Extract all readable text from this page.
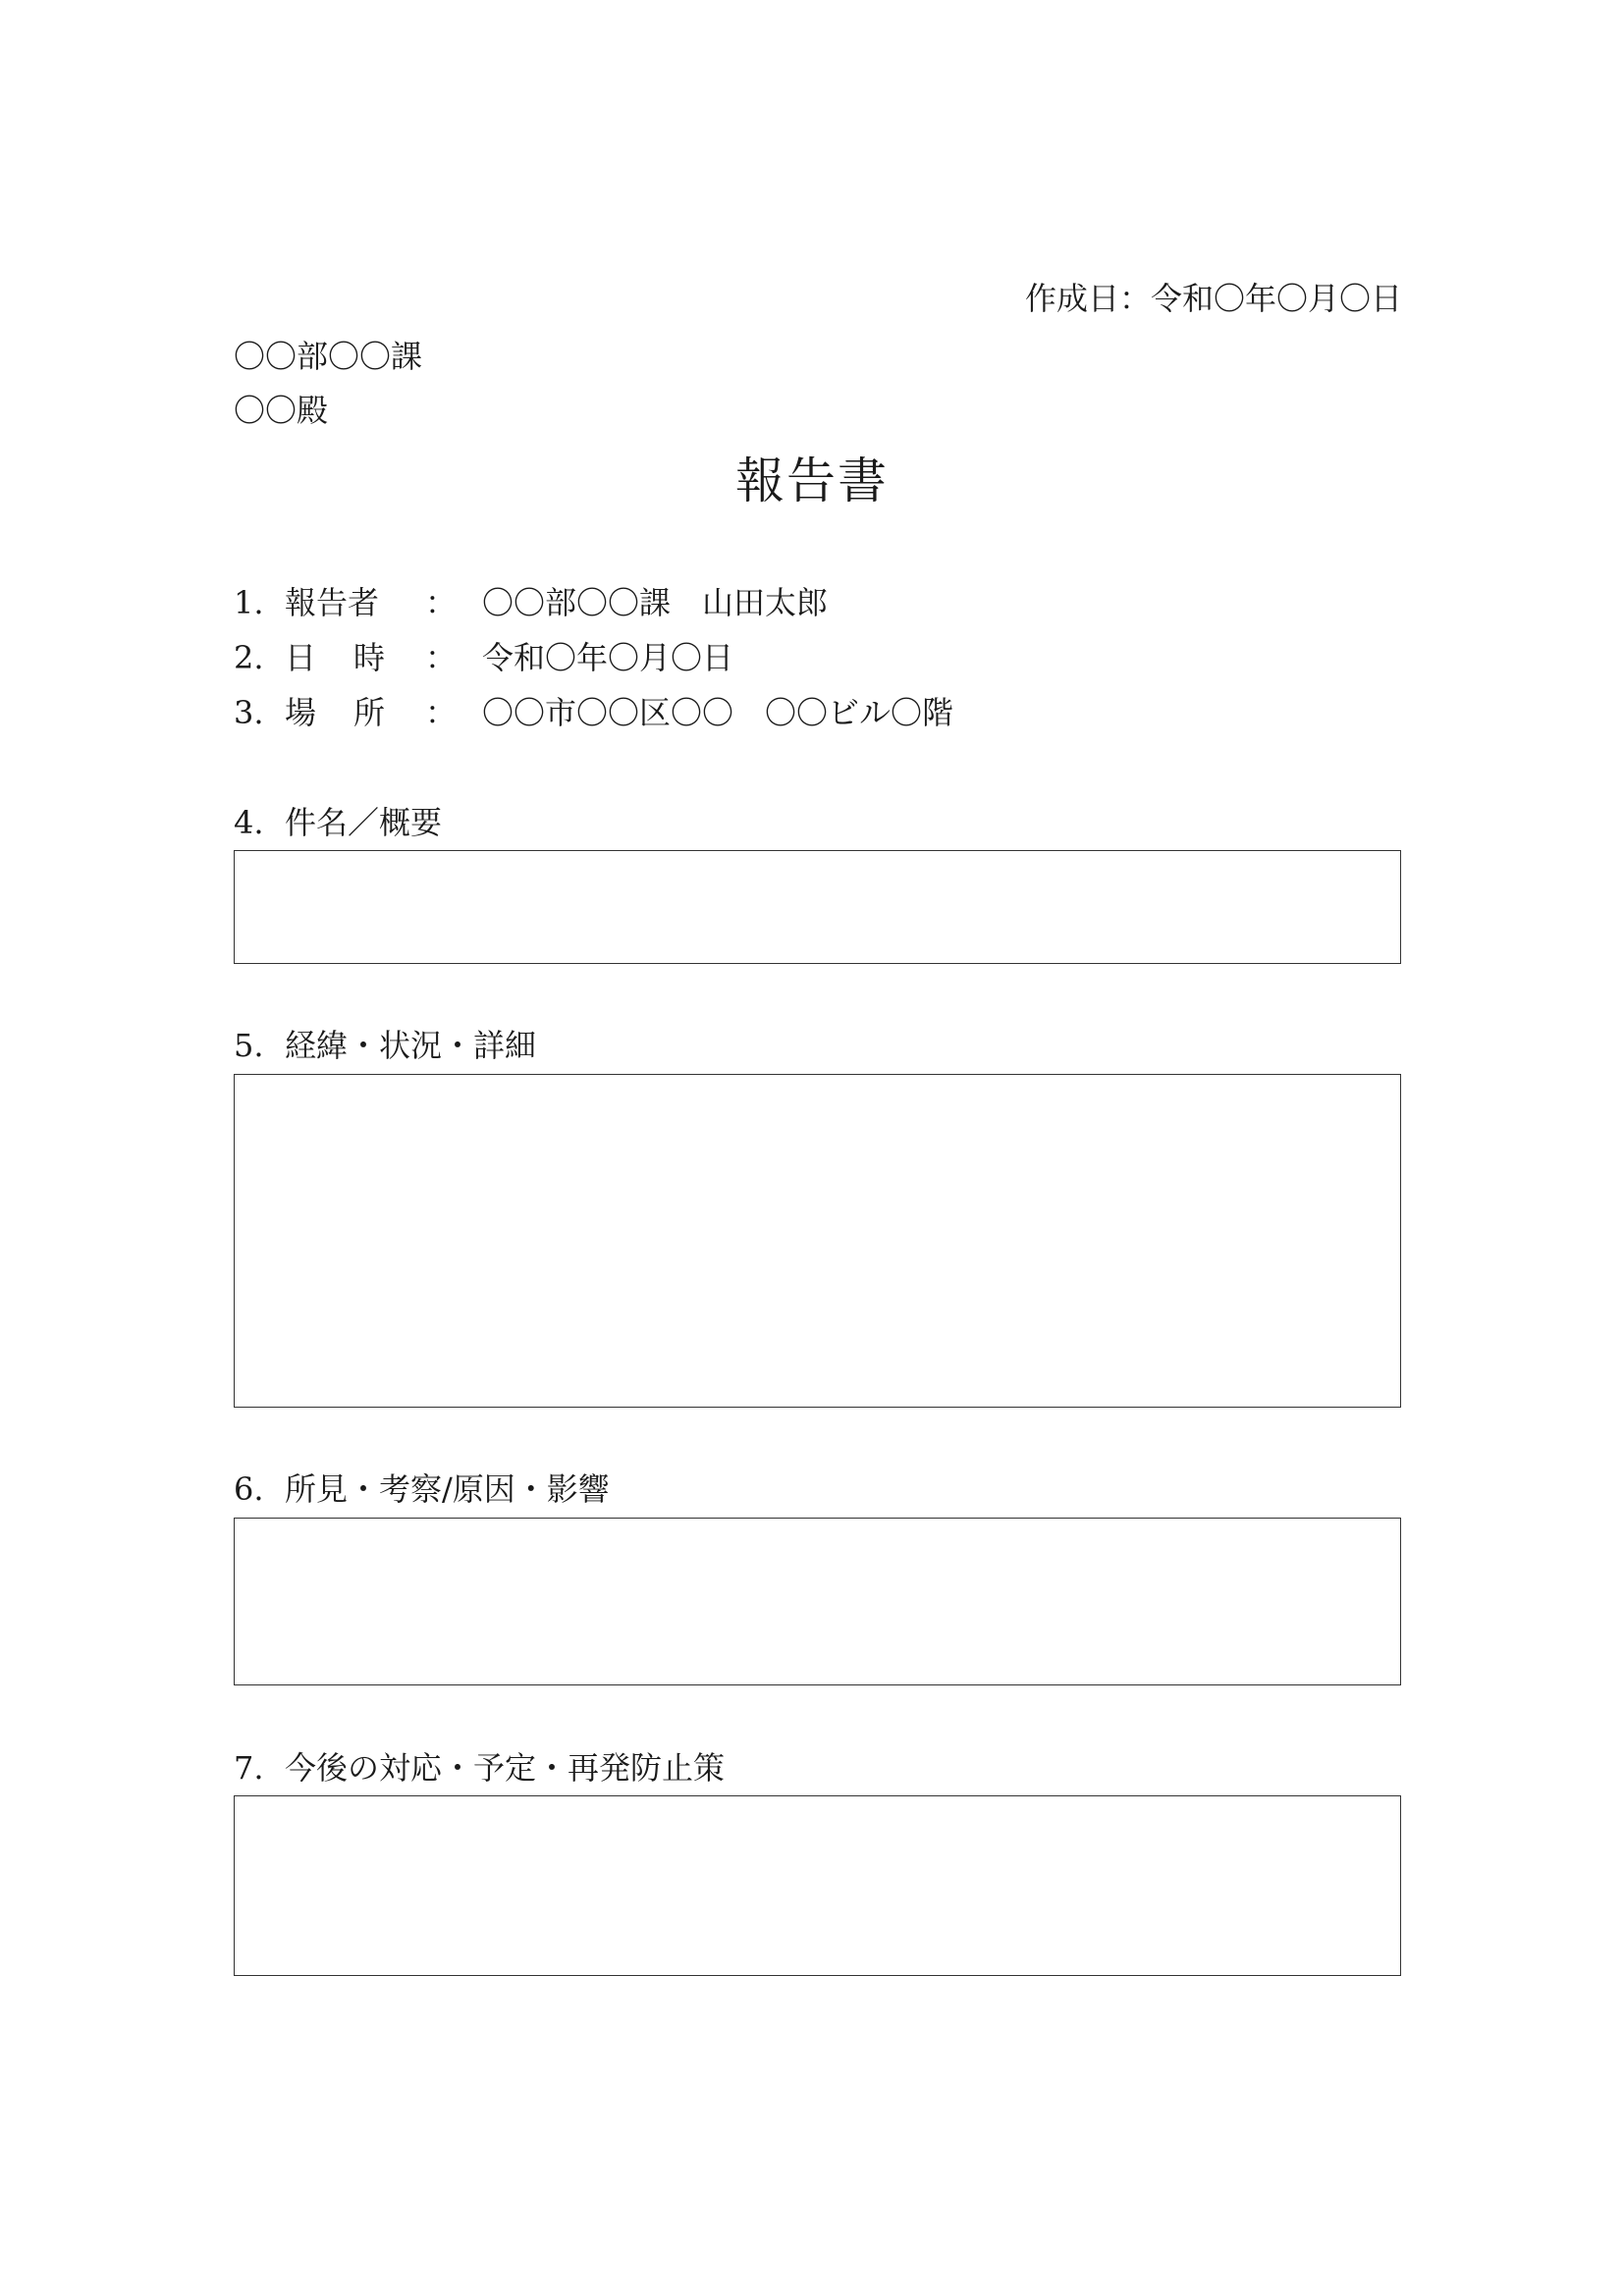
作成日：令和〇年〇月〇日
〇〇部〇〇課
〇〇殿
報告書
1. 報告者 ： 〇〇部〇〇課　山田太郎
2. 日時 ： 令和〇年〇月〇日
3. 場所 ： 〇〇市〇〇区〇〇　〇〇ビル〇階
4. 件名／概要
5. 経緯・状況・詳細
6. 所見・考察/原因・影響
7. 今後の対応・予定・再発防止策
